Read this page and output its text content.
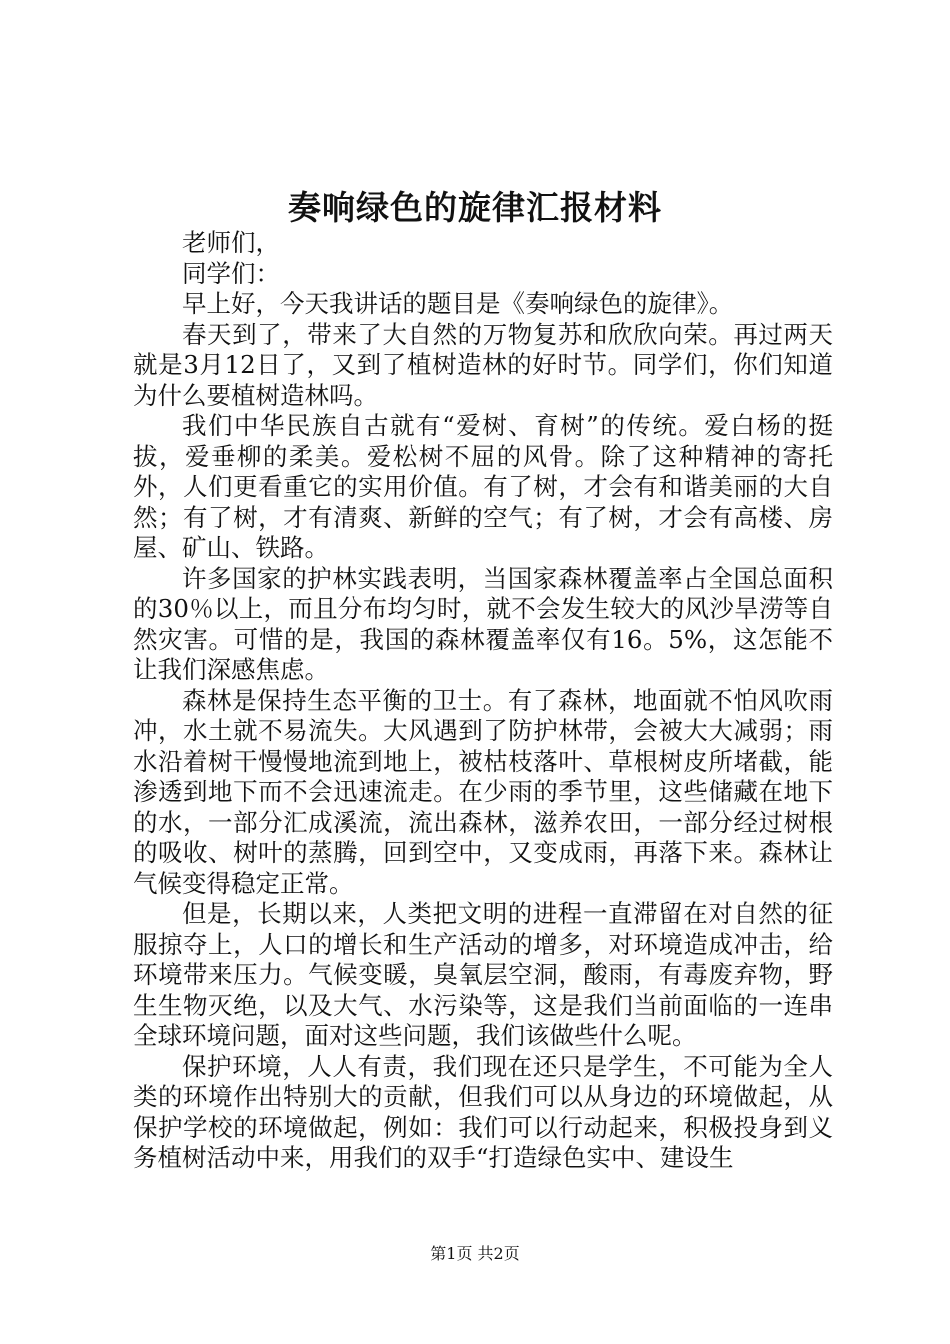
奏响绿色的旋律汇报材料

老师们，

同学们：

早上好，今天我讲话的题目是《奏响绿色的旋律》。

春天到了，带来了大自然的万物复苏和欣欣向荣。再过两天就是3月12日了，又到了植树造林的好时节。同学们，你们知道为什么要植树造林吗。

我们中华民族自古就有“爱树、育树”的传统。爱白杨的挺拔，爱垂柳的柔美。爱松树不屈的风骨。除了这种精神的寄托外，人们更看重它的实用价值。有了树，才会有和谐美丽的大自然；有了树，才有清爽、新鲜的空气；有了树，才会有高楼、房屋、矿山、铁路。

许多国家的护林实践表明，当国家森林覆盖率占全国总面积的30％以上，而且分布均匀时，就不会发生较大的风沙旱涝等自然灾害。可惜的是，我国的森林覆盖率仅有16。5%，这怎能不让我们深感焦虑。

森林是保持生态平衡的卫士。有了森林，地面就不怕风吹雨冲，水土就不易流失。大风遇到了防护林带，会被大大减弱；雨水沿着树干慢慢地流到地上，被枯枝落叶、草根树皮所堵截，能渗透到地下而不会迅速流走。在少雨的季节里，这些储藏在地下的水，一部分汇成溪流，流出森林，滋养农田，一部分经过树根的吸收、树叶的蒸腾，回到空中，又变成雨，再落下来。森林让气候变得稳定正常。

但是，长期以来，人类把文明的进程一直滞留在对自然的征服掠夺上，人口的增长和生产活动的增多，对环境造成冲击，给环境带来压力。气候变暖，臭氧层空洞，酸雨，有毒废弃物，野生生物灭绝，以及大气、水污染等，这是我们当前面临的一连串全球环境问题，面对这些问题，我们该做些什么呢。

保护环境，人人有责，我们现在还只是学生，不可能为全人类的环境作出特别大的贡献，但我们可以从身边的环境做起，从保护学校的环境做起，例如：我们可以行动起来，积极投身到义务植树活动中来，用我们的双手“打造绿色实中、建设生

第1页 共2页
